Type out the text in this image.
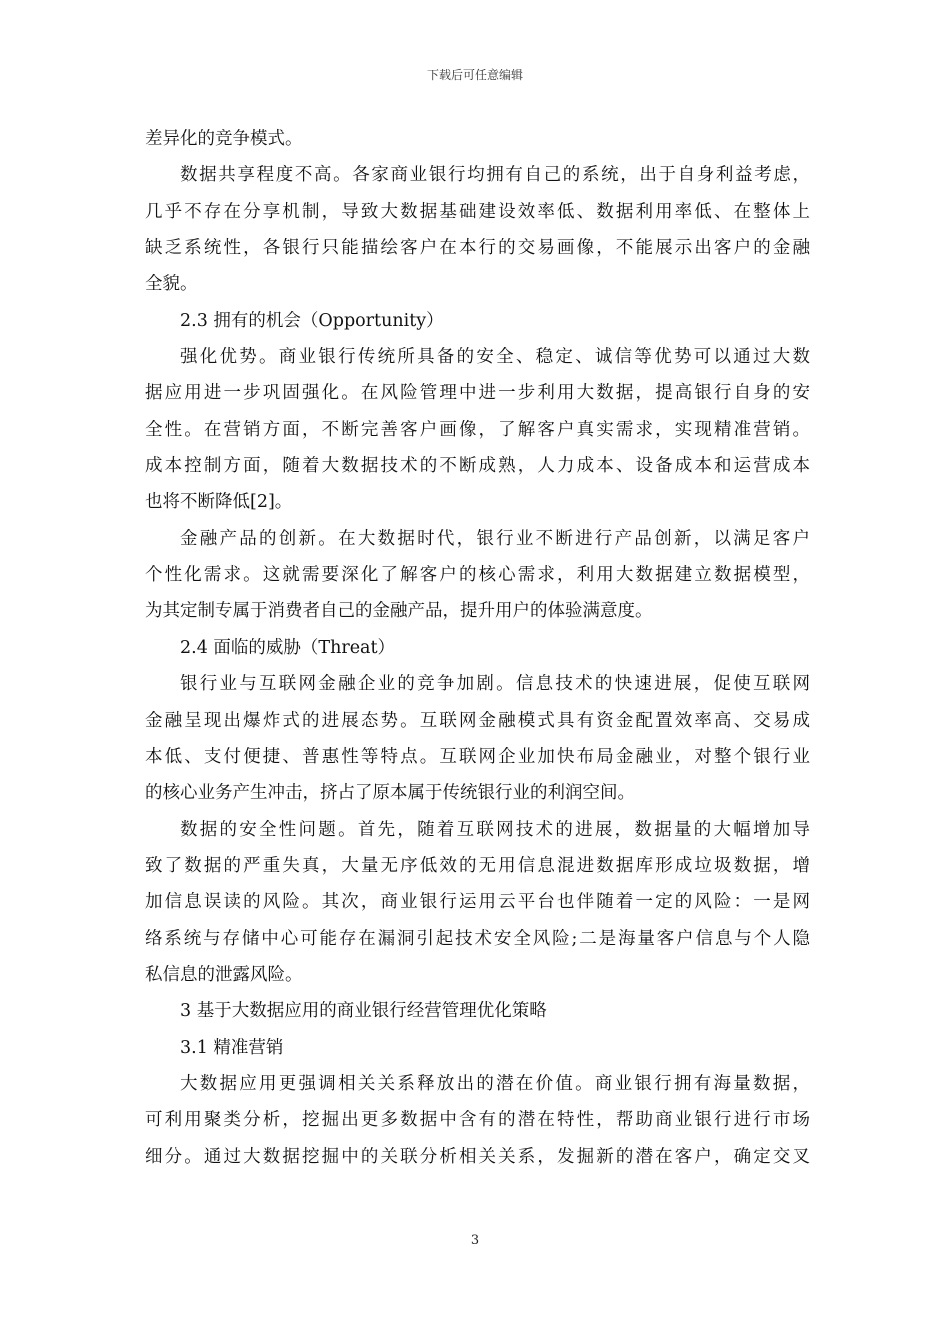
下载后可任意编辑
差异化的竞争模式。
数据共享程度不高。各家商业银行均拥有自己的系统，出于自身利益考虑，
几乎不存在分享机制，导致大数据基础建设效率低、数据利用率低、在整体上
缺乏系统性，各银行只能描绘客户在本行的交易画像，不能展示出客户的金融
全貌。
2.3 拥有的机会（Opportunity）
强化优势。商业银行传统所具备的安全、稳定、诚信等优势可以通过大数
据应用进一步巩固强化。在风险管理中进一步利用大数据，提高银行自身的安
全性。在营销方面，不断完善客户画像，了解客户真实需求，实现精准营销。
成本控制方面，随着大数据技术的不断成熟，人力成本、设备成本和运营成本
也将不断降低[2]。
金融产品的创新。在大数据时代，银行业不断进行产品创新，以满足客户
个性化需求。这就需要深化了解客户的核心需求，利用大数据建立数据模型，
为其定制专属于消费者自己的金融产品，提升用户的体验满意度。
2.4 面临的威胁（Threat）
银行业与互联网金融企业的竞争加剧。信息技术的快速进展，促使互联网
金融呈现出爆炸式的进展态势。互联网金融模式具有资金配置效率高、交易成
本低、支付便捷、普惠性等特点。互联网企业加快布局金融业，对整个银行业
的核心业务产生冲击，挤占了原本属于传统银行业的利润空间。
数据的安全性问题。首先，随着互联网技术的进展，数据量的大幅增加导
致了数据的严重失真，大量无序低效的无用信息混进数据库形成垃圾数据，增
加信息误读的风险。其次，商业银行运用云平台也伴随着一定的风险：一是网
络系统与存储中心可能存在漏洞引起技术安全风险;二是海量客户信息与个人隐
私信息的泄露风险。
3 基于大数据应用的商业银行经营管理优化策略
3.1 精准营销
大数据应用更强调相关关系释放出的潜在价值。商业银行拥有海量数据，
可利用聚类分析，挖掘出更多数据中含有的潜在特性，帮助商业银行进行市场
细分。通过大数据挖掘中的关联分析相关关系，发掘新的潜在客户，确定交叉
3
